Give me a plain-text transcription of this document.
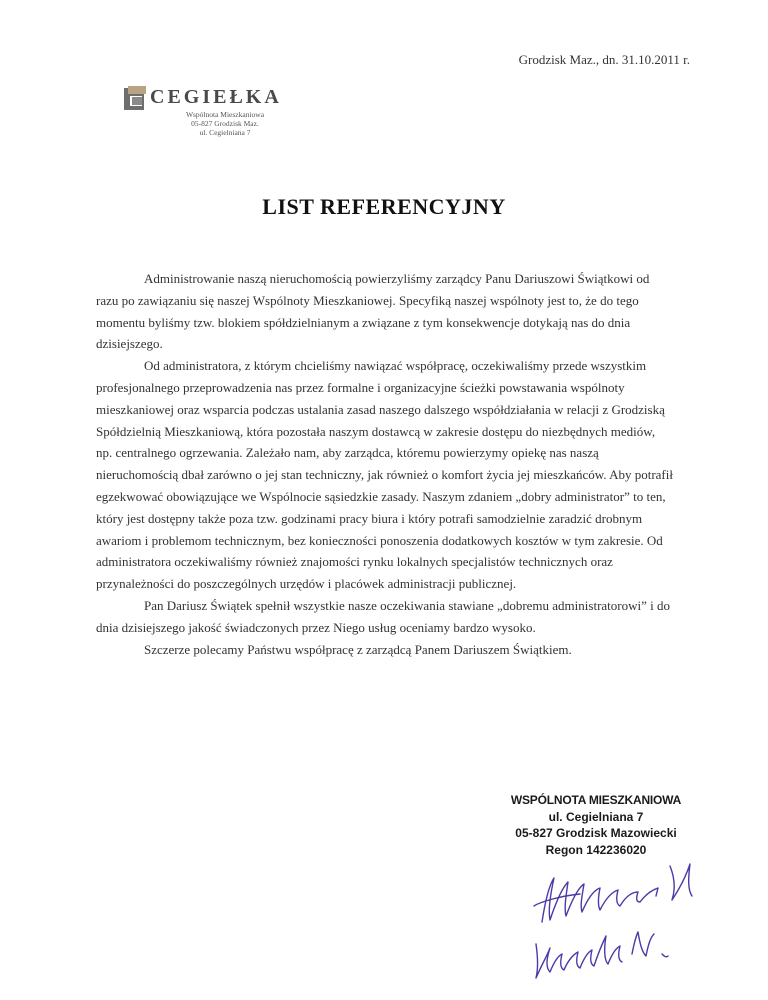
Grodzisk Maz., dn. 31.10.2011 r.
CEGIEŁKA
Wspólnota Mieszkaniowa
05-827 Grodzisk Maz.
ul. Cegielniana 7
LIST REFERENCYJNY

Administrowanie naszą nieruchomością powierzyliśmy zarządcy Panu Dariuszowi Świątkowi od razu po zawiązaniu się naszej Wspólnoty Mieszkaniowej. Specyfiką naszej wspólnoty jest to, że do tego momentu byliśmy tzw. blokiem spółdzielnianym a związane z tym konsekwencje dotykają nas do dnia dzisiejszego.

Od administratora, z którym chcieliśmy nawiązać współpracę, oczekiwaliśmy przede wszystkim profesjonalnego przeprowadzenia nas przez formalne i organizacyjne ścieżki powstawania wspólnoty mieszkaniowej oraz wsparcia podczas ustalania zasad naszego dalszego współdziałania w relacji z Grodziską Spółdzielnią Mieszkaniową, która pozostała naszym dostawcą w zakresie dostępu do niezbędnych mediów, np. centralnego ogrzewania. Zależało nam, aby zarządca, któremu powierzymy opiekę nas naszą nieruchomością dbał zarówno o jej stan techniczny, jak również o komfort życia jej mieszkańców. Aby potrafił egzekwować obowiązujące we Wspólnocie sąsiedzkie zasady. Naszym zdaniem „dobry administrator” to ten, który jest dostępny także poza tzw. godzinami pracy biura i który potrafi samodzielnie zaradzić drobnym awariom i problemom technicznym, bez konieczności ponoszenia dodatkowych kosztów w tym zakresie. Od administratora oczekiwaliśmy również znajomości rynku lokalnych specjalistów technicznych oraz przynależności do poszczególnych urzędów i placówek administracji publicznej.

Pan Dariusz Świątek spełnił wszystkie nasze oczekiwania stawiane „dobremu administratorowi” i do dnia dzisiejszego jakość świadczonych przez Niego usług oceniamy bardzo wysoko.

Szczerze polecamy Państwu współpracę z zarządcą Panem Dariuszem Świątkiem.

WSPÓLNOTA MIESZKANIOWA
ul. Cegielniana 7
05-827 Grodzisk Mazowiecki
Regon 142236020
